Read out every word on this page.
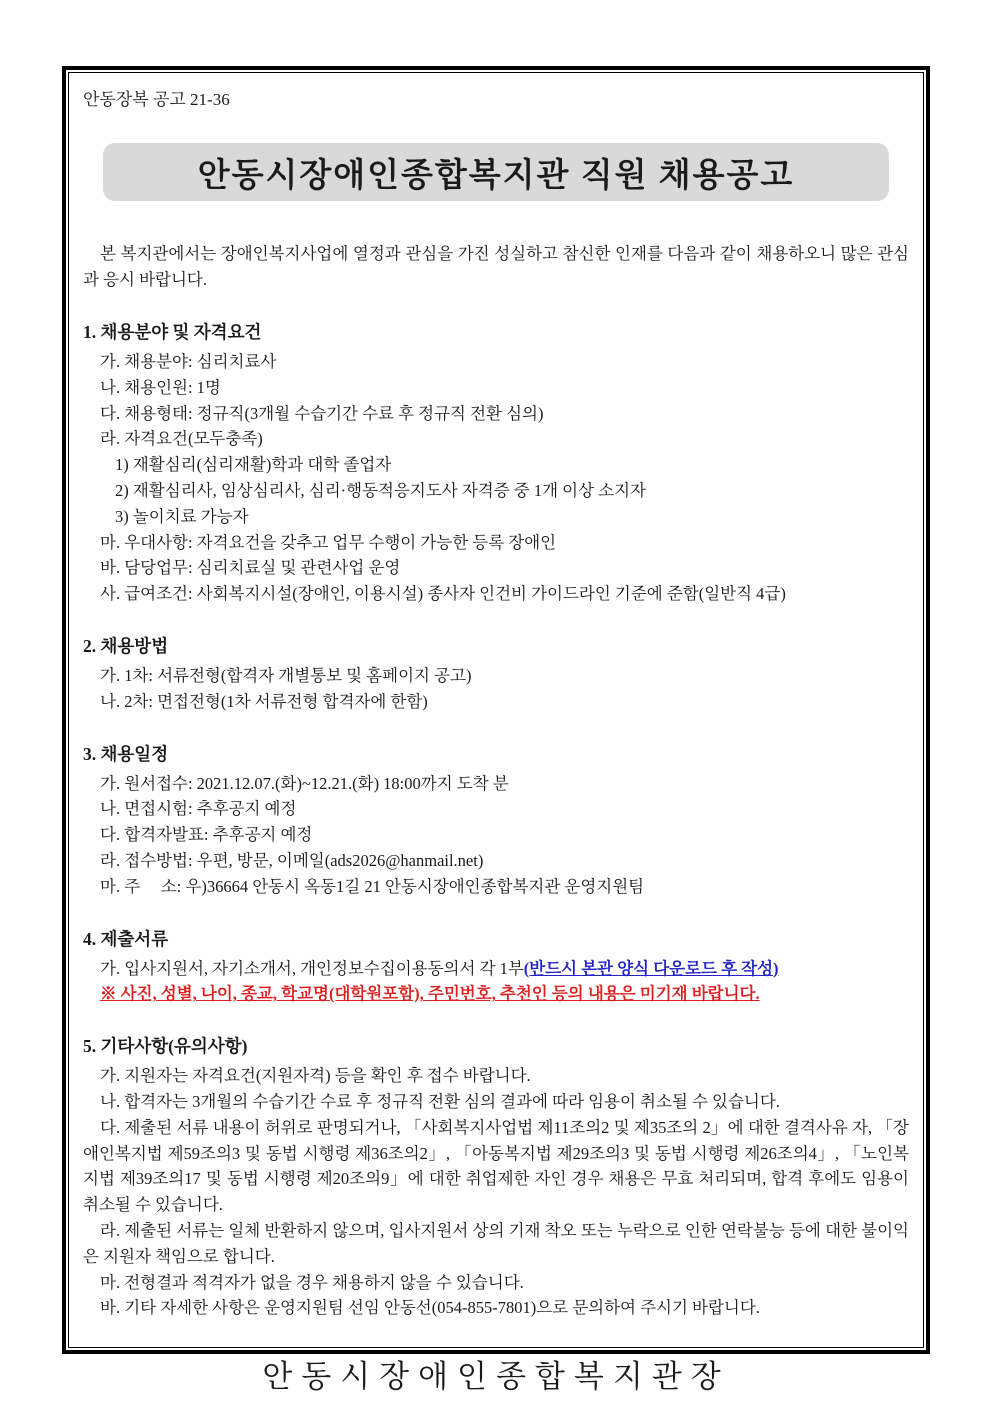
안동장복 공고 21-36
안동시장애인종합복지관 직원 채용공고

본 복지관에서는 장애인복지사업에 열정과 관심을 가진 성실하고 참신한 인재를 다음과 같이 채용하오니 많은 관심과 응시 바랍니다.

1. 채용분야 및 자격요건
가. 채용분야: 심리치료사
나. 채용인원: 1명
다. 채용형태: 정규직(3개월 수습기간 수료 후 정규직 전환 심의)
라. 자격요건(모두충족)
1) 재활심리(심리재활)학과 대학 졸업자
2) 재활심리사, 임상심리사, 심리·행동적응지도사 자격증 중 1개 이상 소지자
3) 놀이치료 가능자
마. 우대사항: 자격요건을 갖추고 업무 수행이 가능한 등록 장애인
바. 담당업무: 심리치료실 및 관련사업 운영
사. 급여조건: 사회복지시설(장애인, 이용시설) 종사자 인건비 가이드라인 기준에 준함(일반직 4급)
2. 채용방법
가. 1차: 서류전형(합격자 개별통보 및 홈페이지 공고)
나. 2차: 면접전형(1차 서류전형 합격자에 한함)
3. 채용일정
가. 원서접수: 2021.12.07.(화)~12.21.(화) 18:00까지 도착 분
나. 면접시험: 추후공지 예정
다. 합격자발표: 추후공지 예정
라. 접수방법: 우편, 방문, 이메일(ads2026@hanmail.net)
마. 주     소: 우)36664 안동시 옥동1길 21 안동시장애인종합복지관 운영지원팀
4. 제출서류
가. 입사지원서, 자기소개서, 개인정보수집이용동의서 각 1부(반드시 본관 양식 다운로드 후 작성)
※ 사진, 성별, 나이, 종교, 학교명(대학원포함), 주민번호, 추천인 등의 내용은 미기재 바랍니다.
5. 기타사항(유의사항)
가. 지원자는 자격요건(지원자격) 등을 확인 후 접수 바랍니다.
나. 합격자는 3개월의 수습기간 수료 후 정규직 전환 심의 결과에 따라 임용이 취소될 수 있습니다.
다. 제출된 서류 내용이 허위로 판명되거나, 「사회복지사업법 제11조의2 및 제35조의 2」에 대한 결격사유 자, 「장애인복지법 제59조의3 및 동법 시행령 제36조의2」, 「아동복지법 제29조의3 및 동법 시행령 제26조의4」, 「노인복지법 제39조의17 및 동법 시행령 제20조의9」에 대한 취업제한 자인 경우 채용은 무효 처리되며, 합격 후에도 임용이 취소될 수 있습니다.
라. 제출된 서류는 일체 반환하지 않으며, 입사지원서 상의 기재 착오 또는 누락으로 인한 연락불능 등에 대한 불이익은 지원자 책임으로 합니다.
마. 전형결과 적격자가 없을 경우 채용하지 않을 수 있습니다.
바. 기타 자세한 사항은 운영지원팀 선임 안동선(054-855-7801)으로 문의하여 주시기 바랍니다.
안동시장애인종합복지관장
